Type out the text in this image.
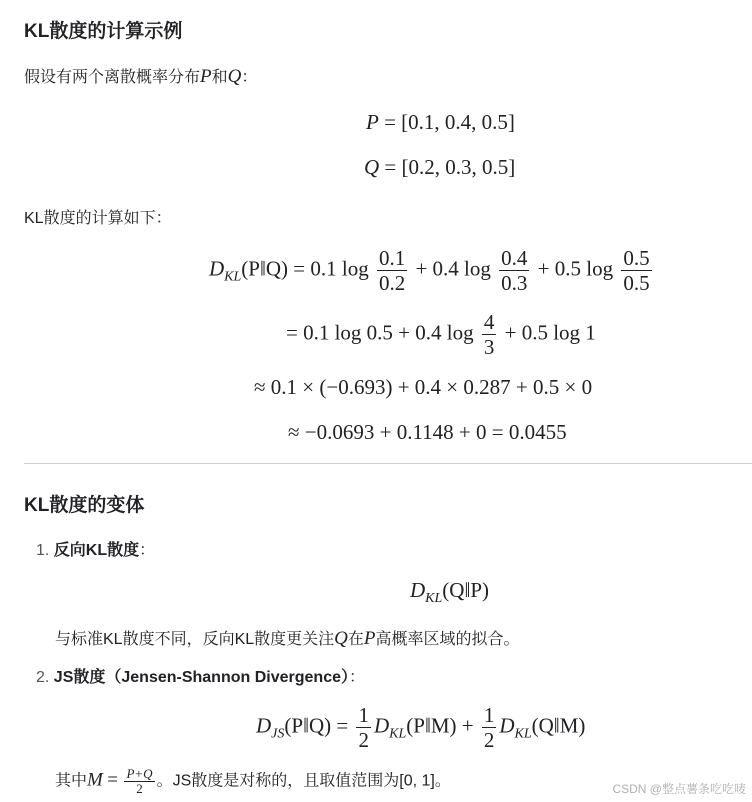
KL散度的计算示例
假设有两个离散概率分布P和Q：
P = [0.1, 0.4, 0.5]
Q = [0.2, 0.3, 0.5]
KL散度的计算如下：
$D_{KL}(P‖Q) = 0.1$ $\log \frac{0.1}{0.2} + 0.4$ $\log \frac{0.4}{0.3} + 0.5$ $\log \frac{0.5}{0.5}$
= 0.1 log 0.5 + 0.4 $\log \frac{4}{3} + 0.5$ log 1
≈ 0.1 × (−0.693) + 0.4 × 0.287 + 0.5 × 0
≈ −0.0693 + 0.1148 + 0 = 0.0455
KL散度的变体
1. 反向KL散度：
$D_{KL}(Q‖P)$
与标准KL散度不同，反向KL散度更关注Q在P高概率区域的拟合。
2. JS散度（Jensen-Shannon Divergence）：
$D_{JS}(P‖Q) = \frac{1}{2}$ $D_{KL}(P‖M) + \frac{1}{2}$ $D_{KL}(Q‖M)$
其中$M = \frac{P+Q}{2}$ 。JS散度是对称的，且取值范围为[0, 1]。	CSDN @整点薯条吃吃唛
